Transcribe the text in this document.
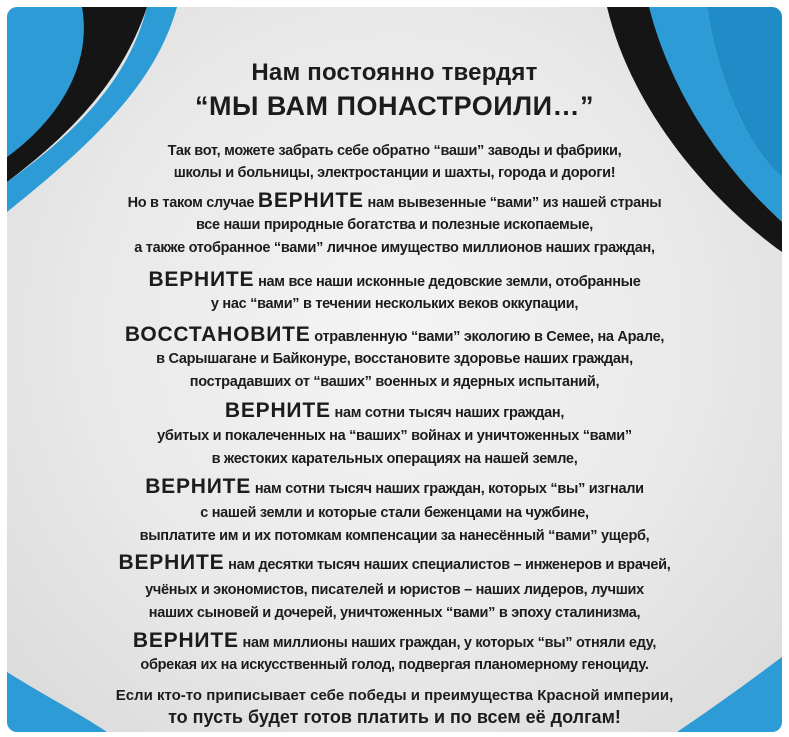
Нам постоянно твердят
“МЫ ВАМ ПОНАСТРОИЛИ…”
Так вот, можете забрать себе обратно “ваши” заводы и фабрики,
школы и больницы, электростанции и шахты, города и дороги!
Но в таком случае ВЕРНИТЕ нам вывезенные “вами” из нашей страны
все наши природные богатства и полезные ископаемые,
а также отобранное “вами” личное имущество миллионов наших граждан,
ВЕРНИТЕ нам все наши исконные дедовские земли, отобранные
у нас “вами” в течении нескольких веков оккупации,
ВОССТАНОВИТЕ отравленную “вами” экологию в Семее, на Арале,
в Сарышагане и Байконуре, восстановите здоровье наших граждан,
пострадавших от “ваших” военных и ядерных испытаний,
ВЕРНИТЕ нам сотни тысяч наших граждан,
убитых и покалеченных на “ваших” войнах и уничтоженных “вами”
в жестоких карательных операциях на нашей земле,
ВЕРНИТЕ нам сотни тысяч наших граждан, которых “вы” изгнали
с нашей земли и которые стали беженцами на чужбине,
выплатите им и их потомкам компенсации за нанесённый “вами” ущерб,
ВЕРНИТЕ нам десятки тысяч наших специалистов – инженеров и врачей,
учёных и экономистов, писателей и юристов – наших лидеров, лучших
наших сыновей и дочерей, уничтоженных “вами” в эпоху сталинизма,
ВЕРНИТЕ нам миллионы наших граждан, у которых “вы” отняли еду,
обрекая их на искусственный голод, подвергая планомерному геноциду.
Если кто-то приписывает себе победы и преимущества Красной империи,
то пусть будет готов платить и по всем её долгам!
